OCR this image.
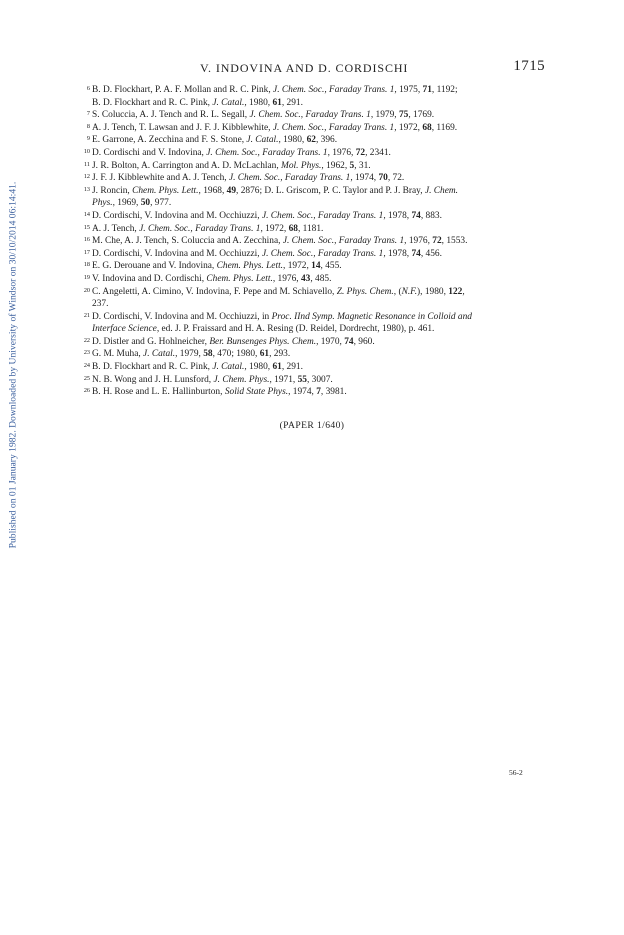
Published on 01 January 1982. Downloaded by University of Windsor on 30/10/2014 06:14:41.
V. INDOVINA AND D. CORDISCHI	1715
6 B. D. Flockhart, P. A. F. Mollan and R. C. Pink, J. Chem. Soc., Faraday Trans. 1, 1975, 71, 1192;
B. D. Flockhart and R. C. Pink, J. Catal., 1980, 61, 291.
7 S. Coluccia, A. J. Tench and R. L. Segall, J. Chem. Soc., Faraday Trans. 1, 1979, 75, 1769.
8 A. J. Tench, T. Lawsan and J. F. J. Kibblewhite, J. Chem. Soc., Faraday Trans. 1, 1972, 68, 1169.
9 E. Garrone, A. Zecchina and F. S. Stone, J. Catal., 1980, 62, 396.
10 D. Cordischi and V. Indovina, J. Chem. Soc., Faraday Trans. 1, 1976, 72, 2341.
11 J. R. Bolton, A. Carrington and A. D. McLachlan, Mol. Phys., 1962, 5, 31.
12 J. F. J. Kibblewhite and A. J. Tench, J. Chem. Soc., Faraday Trans. 1, 1974, 70, 72.
13 J. Roncin, Chem. Phys. Lett., 1968, 49, 2876; D. L. Griscom, P. C. Taylor and P. J. Bray, J. Chem.
Phys., 1969, 50, 977.
14 D. Cordischi, V. Indovina and M. Occhiuzzi, J. Chem. Soc., Faraday Trans. 1, 1978, 74, 883.
15 A. J. Tench, J. Chem. Soc., Faraday Trans. 1, 1972, 68, 1181.
16 M. Che, A. J. Tench, S. Coluccia and A. Zecchina, J. Chem. Soc., Faraday Trans. 1, 1976, 72, 1553.
17 D. Cordischi, V. Indovina and M. Occhiuzzi, J. Chem. Soc., Faraday Trans. 1, 1978, 74, 456.
18 E. G. Derouane and V. Indovina, Chem. Phys. Lett., 1972, 14, 455.
19 V. Indovina and D. Cordischi, Chem. Phys. Lett., 1976, 43, 485.
20 C. Angeletti, A. Cimino, V. Indovina, F. Pepe and M. Schiavello, Z. Phys. Chem., (N.F.), 1980, 122,
237.
21 D. Cordischi, V. Indovina and M. Occhiuzzi, in Proc. IInd Symp. Magnetic Resonance in Colloid and
Interface Science, ed. J. P. Fraissard and H. A. Resing (D. Reidel, Dordrecht, 1980), p. 461.
22 D. Distler and G. Hohlneicher, Ber. Bunsenges Phys. Chem., 1970, 74, 960.
23 G. M. Muha, J. Catal., 1979, 58, 470; 1980, 61, 293.
24 B. D. Flockhart and R. C. Pink, J. Catal., 1980, 61, 291.
25 N. B. Wong and J. H. Lunsford, J. Chem. Phys., 1971, 55, 3007.
26 B. H. Rose and L. E. Hallinburton, Solid State Phys., 1974, 7, 3981.
(PAPER 1/640)
56-2
